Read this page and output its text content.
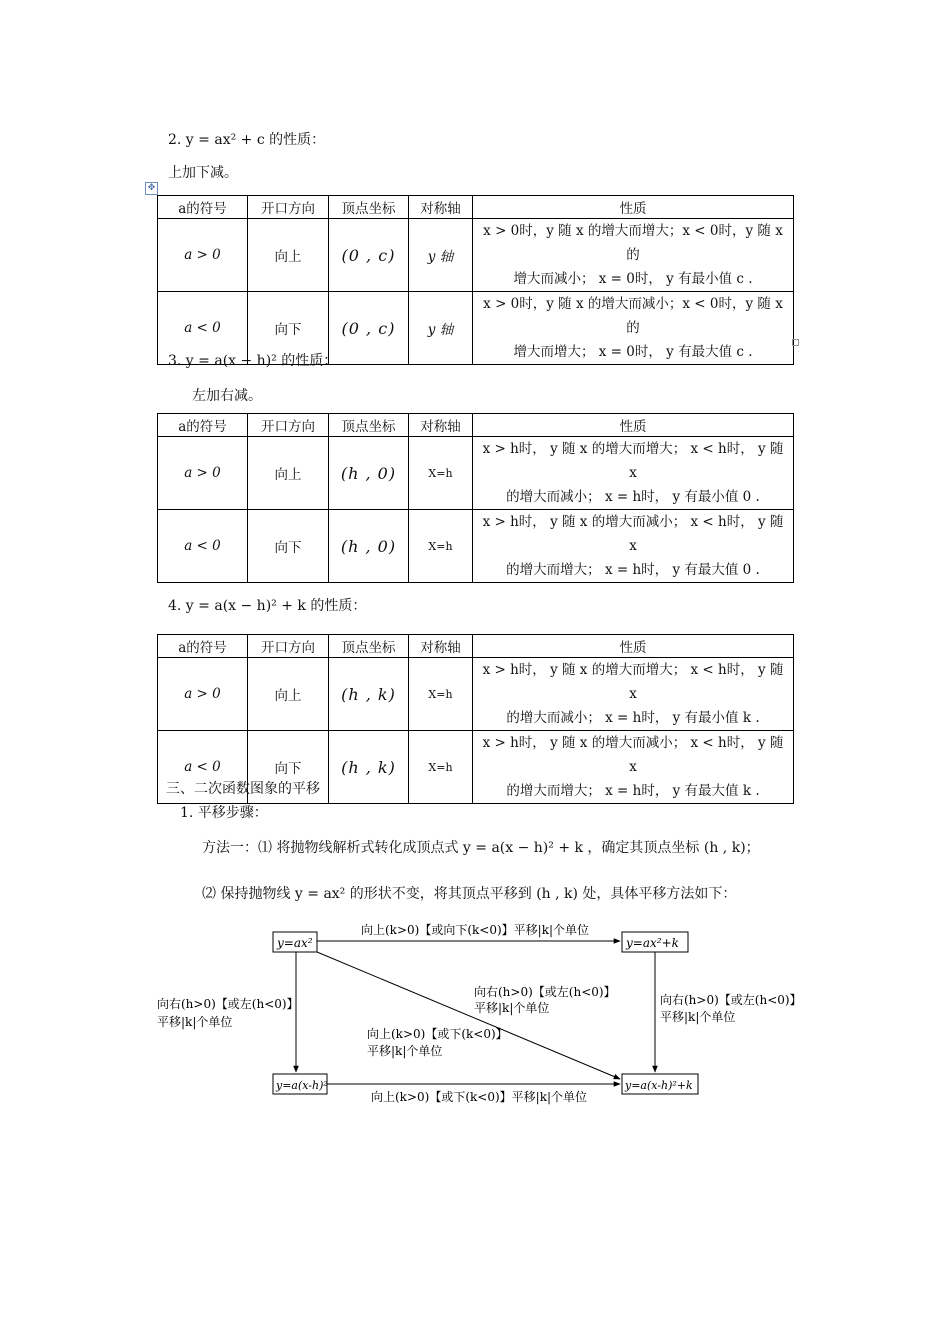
2. y = ax² + c 的性质：
上加下减。
✥
a的符号	开口方向	顶点坐标	对称轴	性质
a > 0	向上	(0 , c)	y 轴	x > 0时，y 随 x 的增大而增大；x < 0时，y 随 x 的
增大而减小； x = 0时， y 有最小值 c .

a < 0	向下	(0 , c)	y 轴	x > 0时，y 随 x 的增大而减小；x < 0时，y 随 x 的
增大而增大； x = 0时， y 有最大值 c .
3. y = a(x − h)² 的性质：
左加右减。
a的符号	开口方向	顶点坐标	对称轴	性质
a > 0	向上	(h , 0)	X=h	x > h时， y 随 x 的增大而增大； x < h时， y 随 x
的增大而减小； x = h时， y 有最小值 0 .

a < 0	向下	(h , 0)	X=h	x > h时， y 随 x 的增大而减小； x < h时， y 随 x
的增大而增大； x = h时， y 有最大值 0 .
4. y = a(x − h)² + k 的性质：
a的符号	开口方向	顶点坐标	对称轴	性质
a > 0	向上	(h , k)	X=h	x > h时， y 随 x 的增大而增大； x < h时， y 随 x
的增大而减小； x = h时， y 有最小值 k .

a < 0	向下	(h , k)	X=h	x > h时， y 随 x 的增大而减小； x < h时， y 随 x
的增大而增大； x = h时， y 有最大值 k .
三、二次函数图象的平移
1. 平移步骤：
方法一：⑴ 将抛物线解析式转化成顶点式 y = a(x − h)² + k ，确定其顶点坐标 (h , k)；
⑵ 保持抛物线 y = ax² 的形状不变，将其顶点平移到 (h , k) 处，具体平移方法如下：
y=ax²	y=ax²+k
y=a(x-h)²	y=a(x-h)²+k
向上(k>0)【或向下(k<0)】平移|k|个单位
向上(k>0)【或下(k<0)】平移|k|个单位
向右(h>0)【或左(h<0)】
平移|k|个单位
向右(h>0)【或左(h<0)】
平移|k|个单位
向右(h>0)【或左(h<0)】
平移|k|个单位
向上(k>0)【或下(k<0)】
平移|k|个单位
